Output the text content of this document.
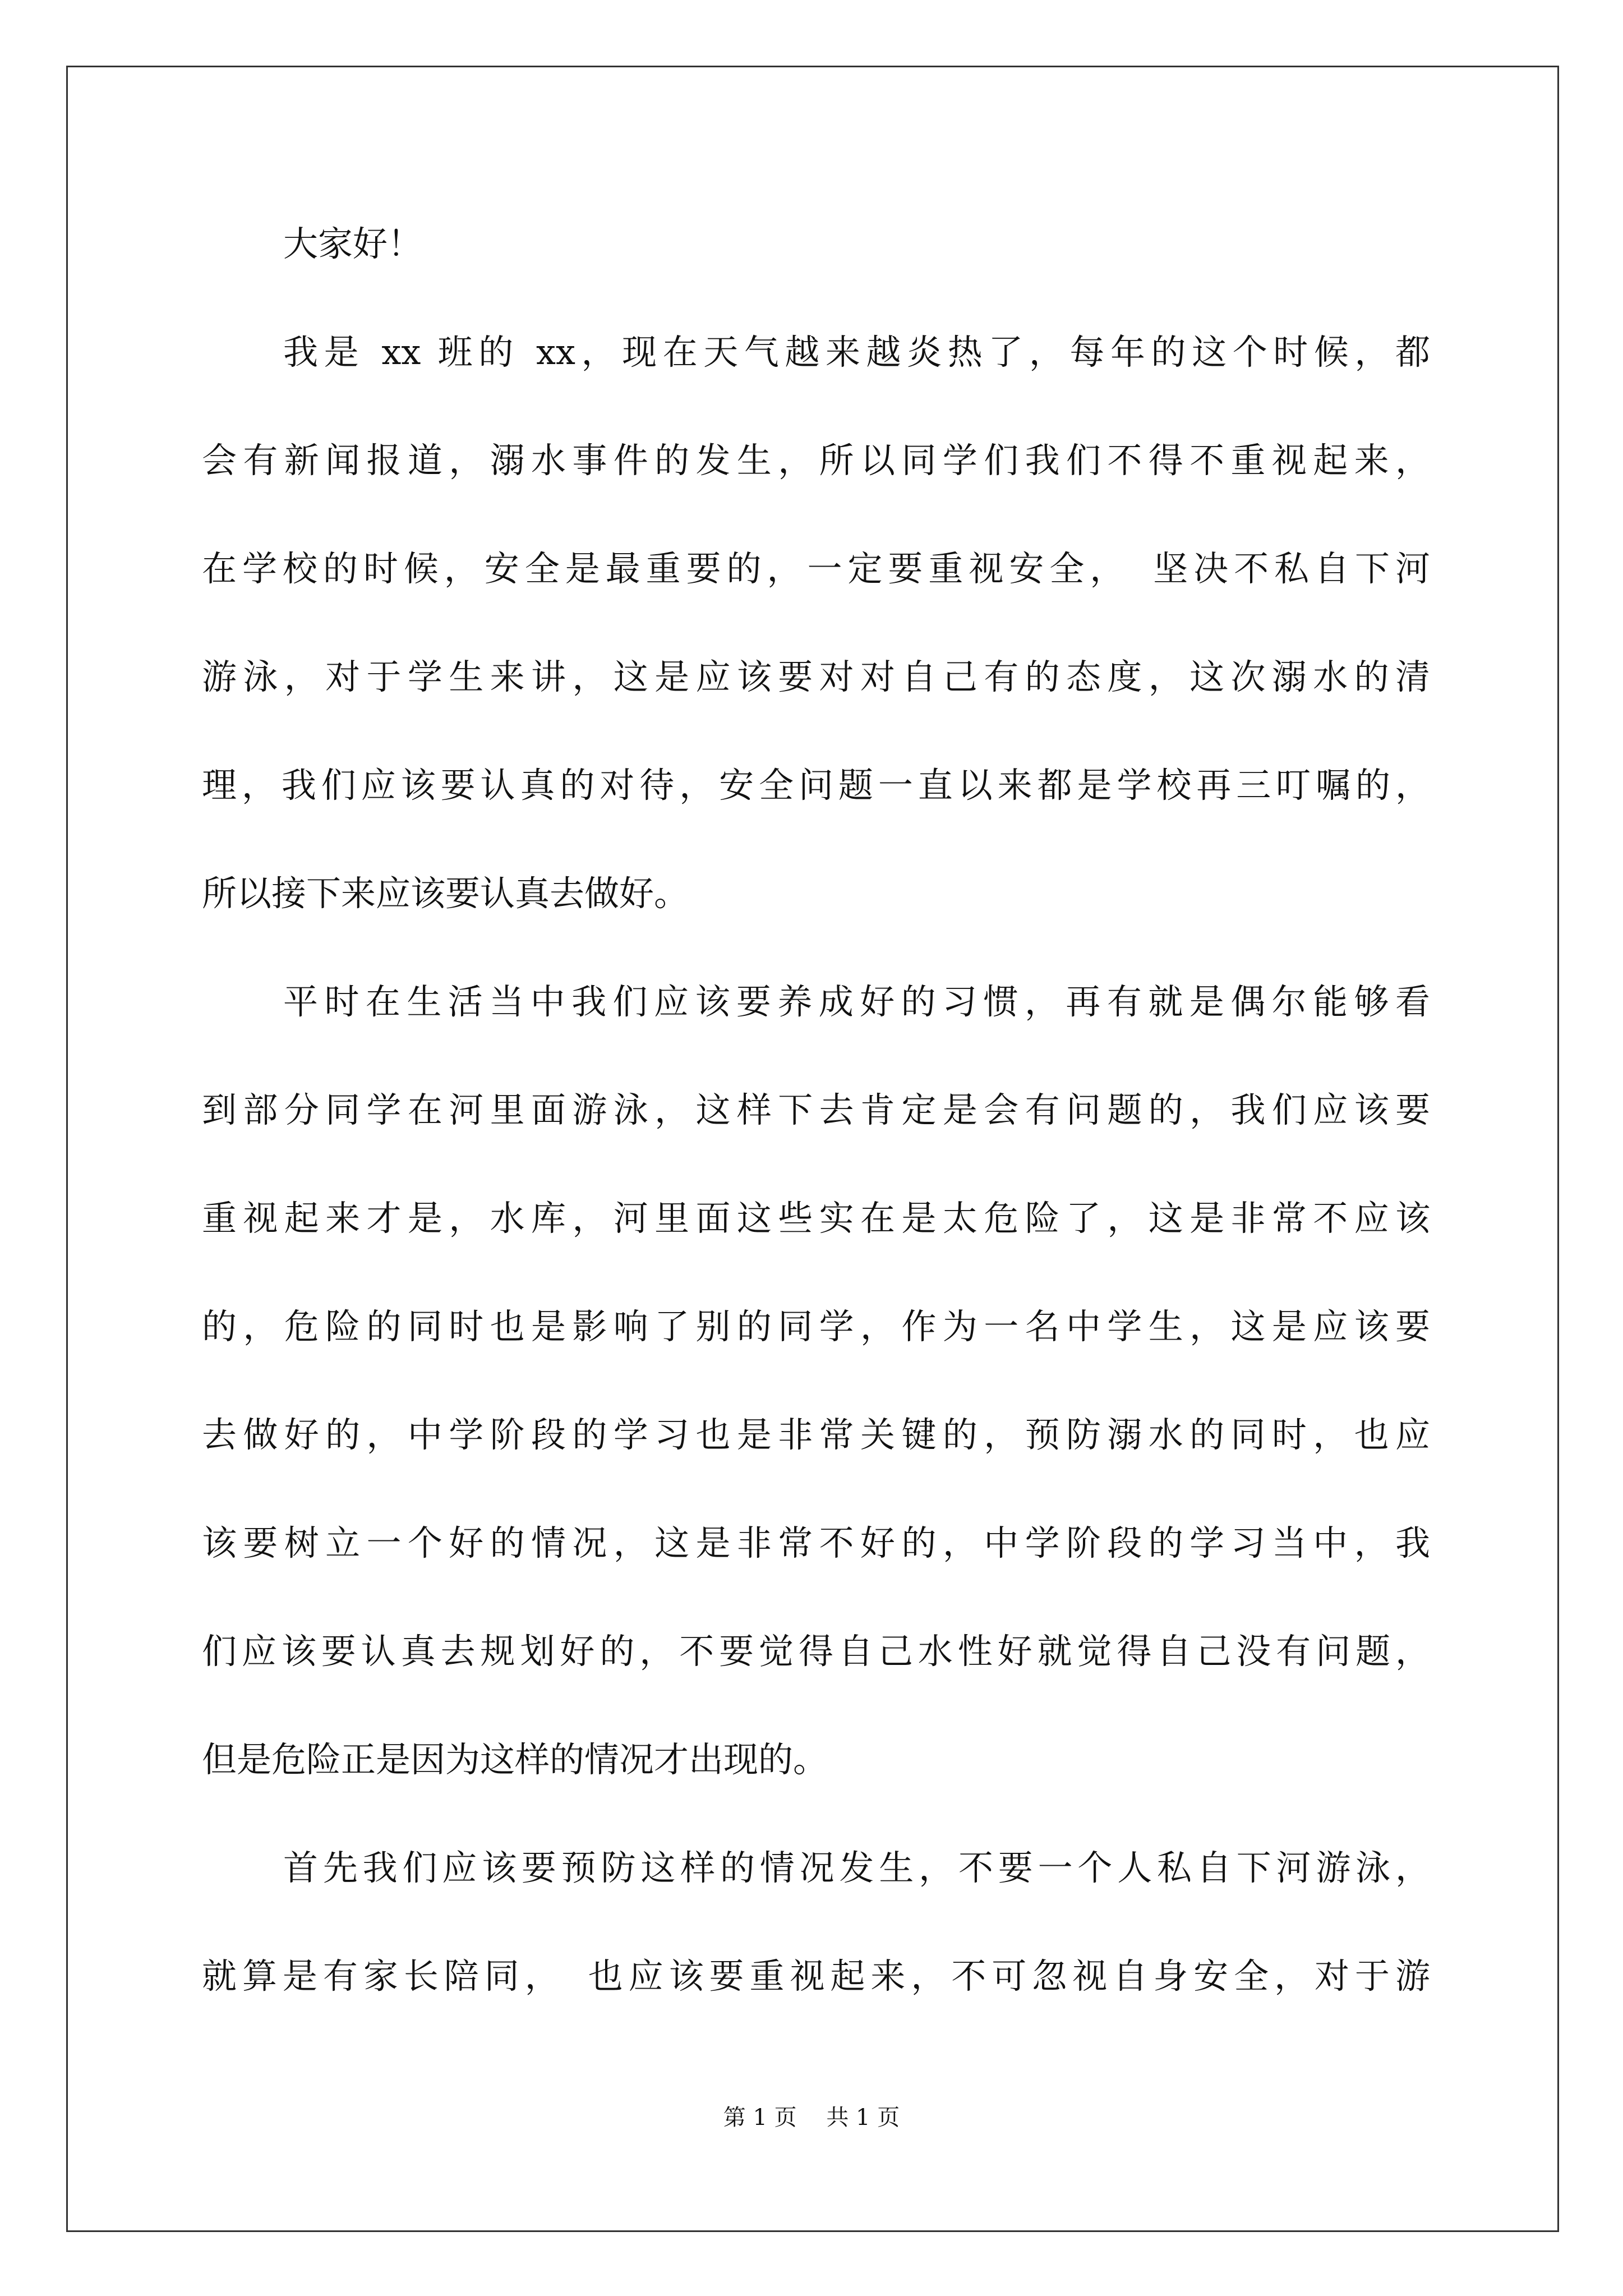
大家好！
我是 xx 班的 xx，现在天气越来越炎热了，每年的这个时候，都
会有新闻报道，溺水事件的发生，所以同学们我们不得不重视起来，
在学校的时候，安全是最重要的，一定要重视安全，　坚决不私自下河
游泳，对于学生来讲，这是应该要对对自己有的态度，这次溺水的清
理，我们应该要认真的对待，安全问题一直以来都是学校再三叮嘱的，
所以接下来应该要认真去做好。
平时在生活当中我们应该要养成好的习惯，再有就是偶尔能够看
到部分同学在河里面游泳，这样下去肯定是会有问题的，我们应该要
重视起来才是，水库，河里面这些实在是太危险了，这是非常不应该
的，危险的同时也是影响了别的同学，作为一名中学生，这是应该要
去做好的，中学阶段的学习也是非常关键的，预防溺水的同时，也应
该要树立一个好的情况，这是非常不好的，中学阶段的学习当中，我
们应该要认真去规划好的，不要觉得自己水性好就觉得自己没有问题，
但是危险正是因为这样的情况才出现的。
首先我们应该要预防这样的情况发生，不要一个人私自下河游泳，
就算是有家长陪同，　也应该要重视起来，不可忽视自身安全，对于游
第 1 页　 共 1 页
